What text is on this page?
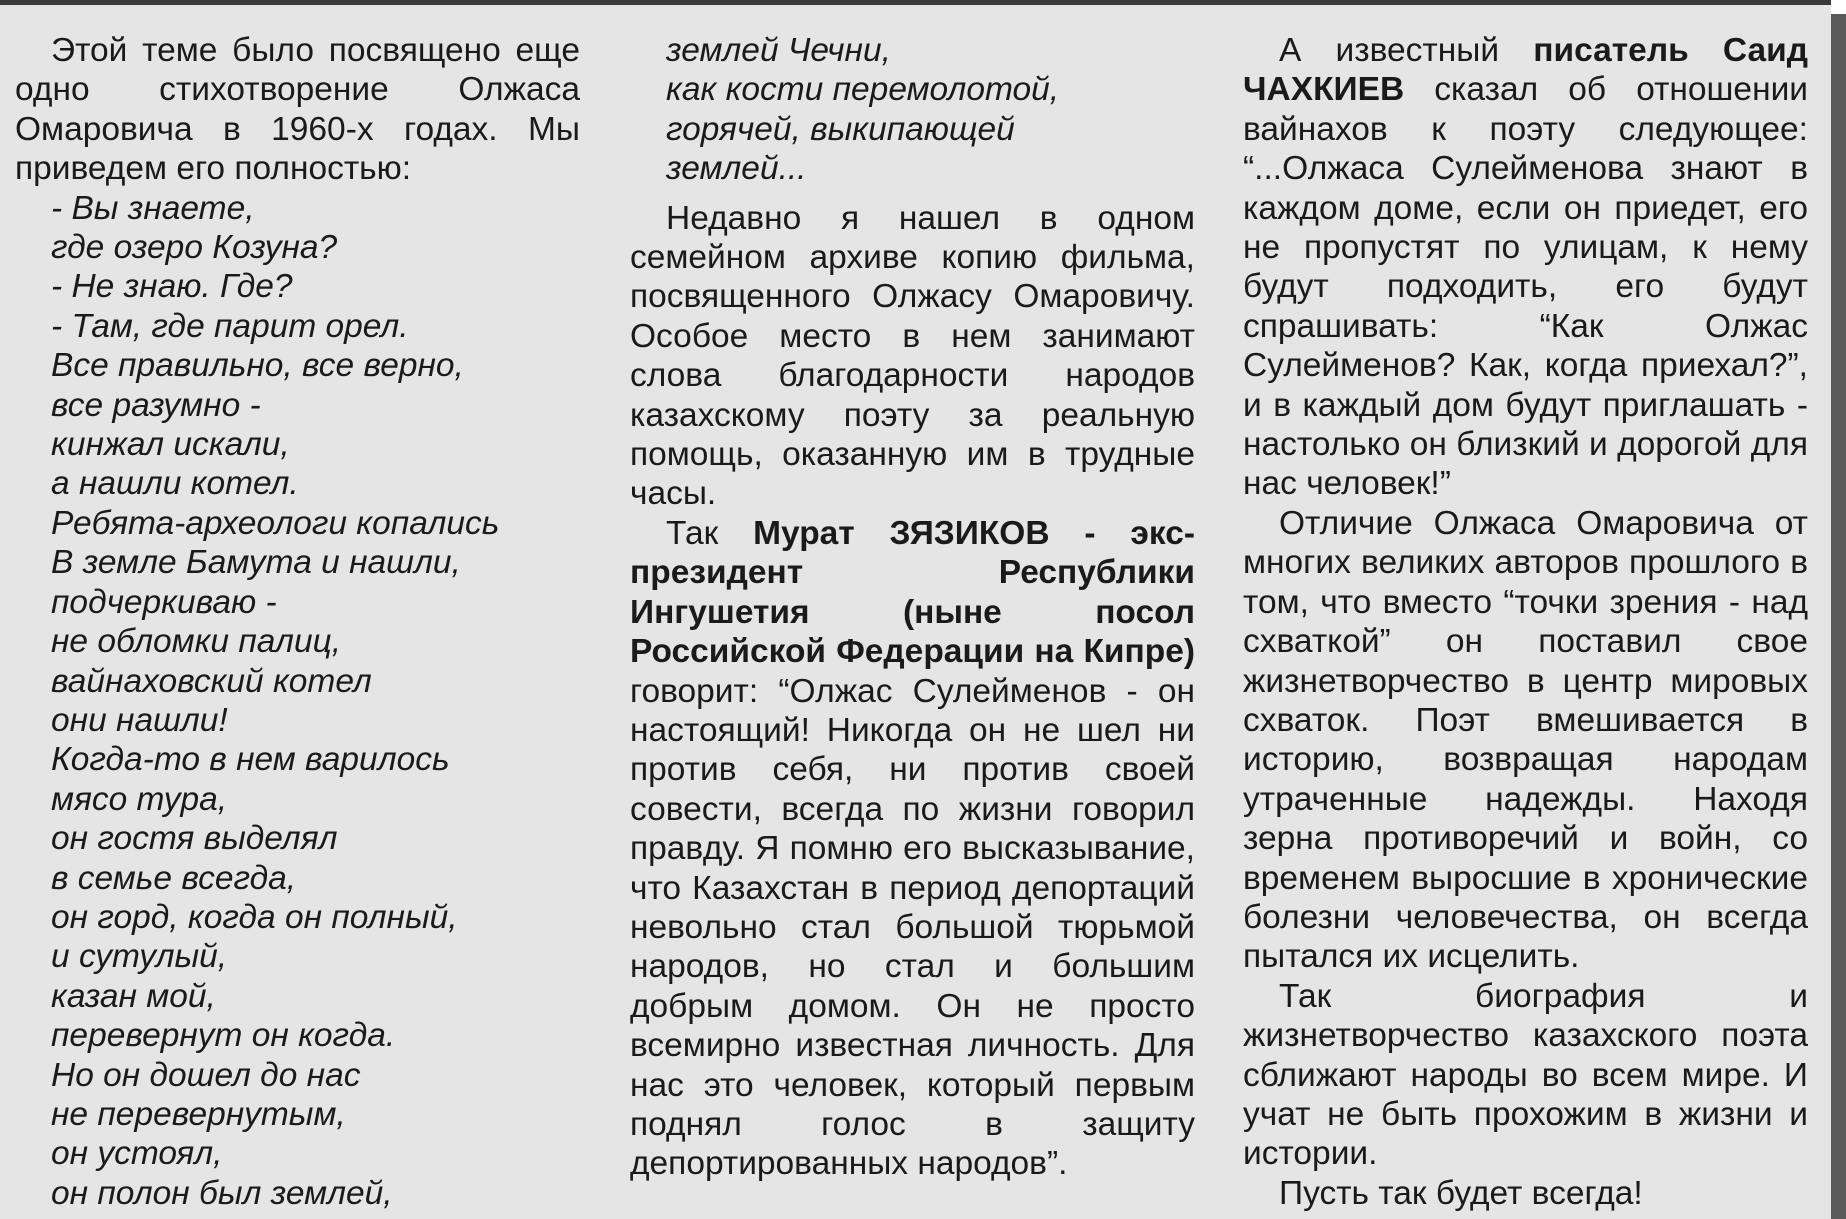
Этой теме было посвящено еще одно стихотворение Олжаса Омаровича в 1960-х годах. Мы приведем его полностью:

- Вы знаете,
где озеро Козуна?
- Не знаю. Где?
- Там, где парит орел.
Все правильно, все верно,
все разумно -
кинжал искали,
а нашли котел.
Ребята-археологи копались
В земле Бамута и нашли,
подчеркиваю -
не обломки палиц,
вайнаховский котел
они нашли!
Когда-то в нем варилось
мясо тура,
он гостя выделял
в семье всегда,
он горд, когда он полный,
и сутулый,
казан мой,
перевернут он когда.
Но он дошел до нас
не перевернутым,
он устоял,
он полон был землей,
землей Чечни,
как кости перемолотой,
горячей, выкипающей
землей...

Недавно я нашел в одном семейном архиве копию фильма, посвященного Олжасу Омаровичу. Особое место в нем занимают слова благодарности народов казахскому поэту за реальную помощь, оказанную им в трудные часы.

Так Мурат ЗЯЗИКОВ - экс-президент Республики Ингушетия (ныне посол Российской Федерации на Кипре) говорит: “Олжас Сулейменов - он настоящий! Никогда он не шел ни против себя, ни против своей совести, всегда по жизни говорил правду. Я помню его высказывание, что Казахстан в период депортаций невольно стал большой тюрьмой народов, но стал и большим добрым домом. Он не просто всемирно известная личность. Для нас это человек, который первым поднял голос в защиту депортированных народов”.

А известный писатель Саид ЧАХКИЕВ сказал об отношении вайнахов к поэту следующее: “...Олжаса Сулейменова знают в каждом доме, если он приедет, его не пропустят по улицам, к нему будут подходить, его будут спрашивать: “Как Олжас Сулейменов? Как, когда приехал?”, и в каждый дом будут приглашать - настолько он близкий и дорогой для нас человек!”

Отличие Олжаса Омаровича от многих великих авторов прошлого в том, что вместо “точки зрения - над схваткой” он поставил свое жизнетворчество в центр мировых схваток. Поэт вмешивается в историю, возвращая народам утраченные надежды. Находя зерна противоречий и войн, со временем выросшие в хронические болезни человечества, он всегда пытался их исцелить.

Так биография и жизнетворчество казахского поэта сближают народы во всем мире. И учат не быть прохожим в жизни и истории.

Пусть так будет всегда!
